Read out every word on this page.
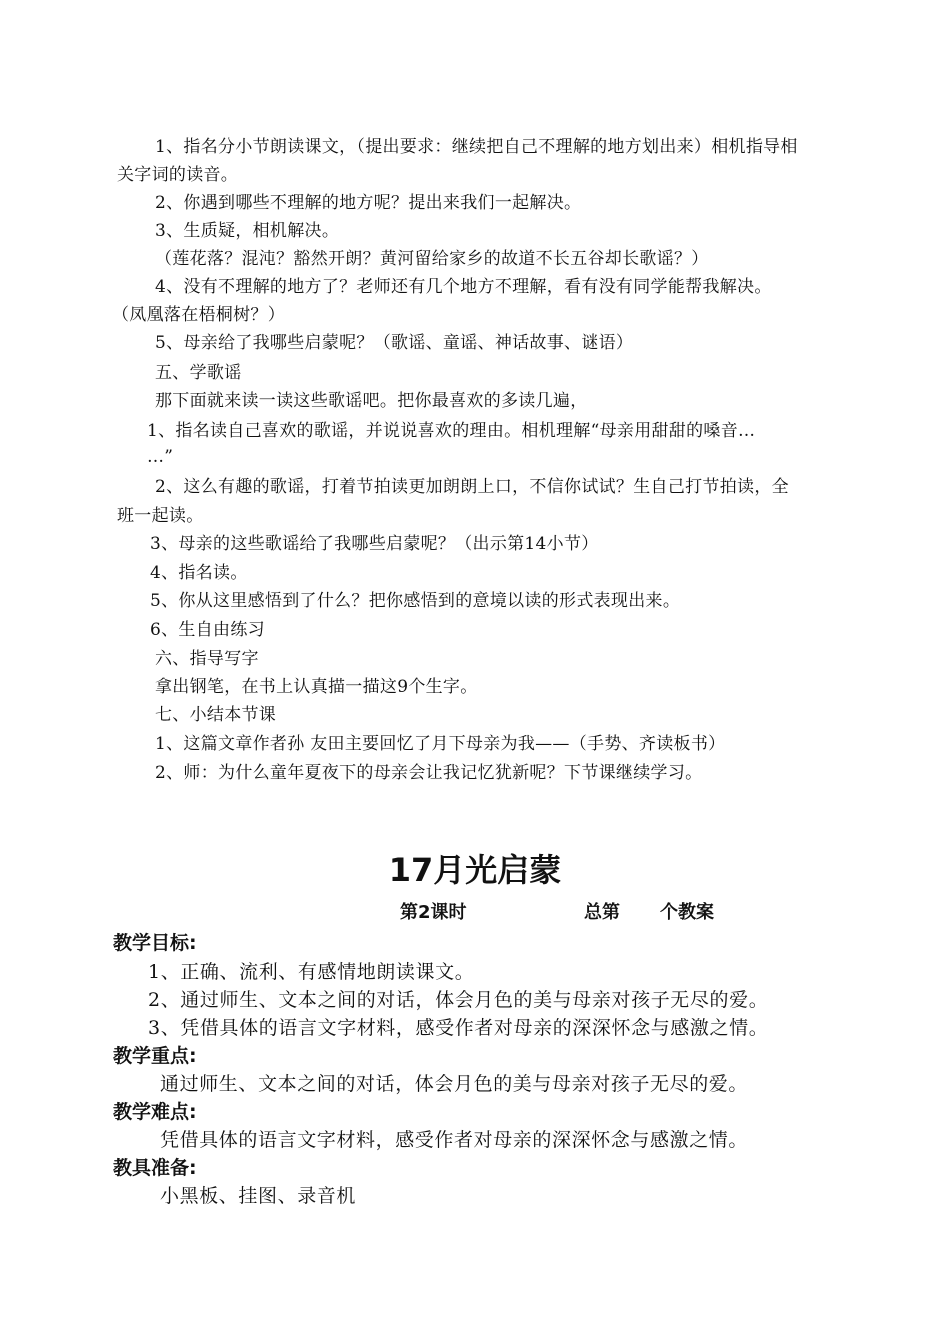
1、指名分小节朗读课文，（提出要求：继续把自己不理解的地方划出来）相机指导相
关字词的读音。
2、你遇到哪些不理解的地方呢？提出来我们一起解决。
3、生质疑，相机解决。
（莲花落？混沌？豁然开朗？黄河留给家乡的故道不长五谷却长歌谣？）
4、没有不理解的地方了？老师还有几个地方不理解，看有没有同学能帮我解决。
（凤凰落在梧桐树？）
5、母亲给了我哪些启蒙呢？（歌谣、童谣、神话故事、谜语）
五、学歌谣
那下面就来读一读这些歌谣吧。把你最喜欢的多读几遍，
1、指名读自己喜欢的歌谣，并说说喜欢的理由。相机理解“母亲用甜甜的嗓音…
…”
2、这么有趣的歌谣，打着节拍读更加朗朗上口，不信你试试？生自己打节拍读，全
班一起读。
3、母亲的这些歌谣给了我哪些启蒙呢？（出示第14小节）
4、指名读。
5、你从这里感悟到了什么？把你感悟到的意境以读的形式表现出来。
6、生自由练习
六、指导写字
拿出钢笔，在书上认真描一描这9个生字。
七、小结本节课
1、这篇文章作者孙 友田主要回忆了月下母亲为我——（手势、齐读板书）
2、师：为什么童年夏夜下的母亲会让我记忆犹新呢？下节课继续学习。
17月光启蒙
第2课时	总第 个教案
教学目标:
1、正确、流利、有感情地朗读课文。
2、通过师生、文本之间的对话，体会月色的美与母亲对孩子无尽的爱。
3、凭借具体的语言文字材料，感受作者对母亲的深深怀念与感激之情。
教学重点:
通过师生、文本之间的对话，体会月色的美与母亲对孩子无尽的爱。
教学难点:
凭借具体的语言文字材料，感受作者对母亲的深深怀念与感激之情。
教具准备:
小黑板、挂图、录音机
